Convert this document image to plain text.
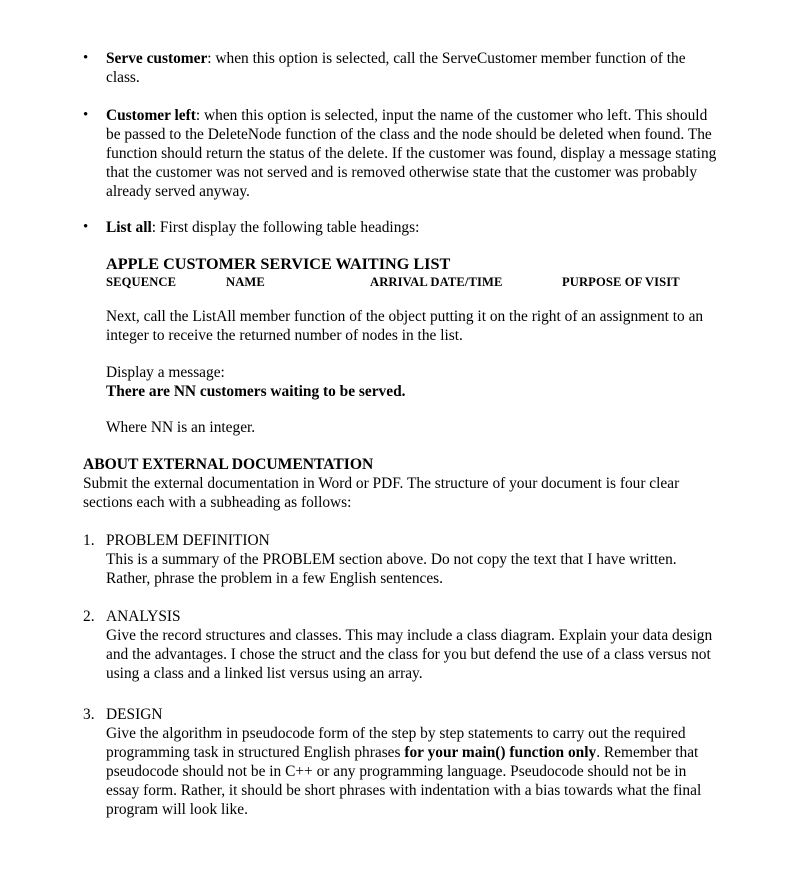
• Serve customer: when this option is selected, call the ServeCustomer member function of the class.
• Customer left: when this option is selected, input the name of the customer who left. This should be passed to the DeleteNode function of the class and the node should be deleted when found. The function should return the status of the delete. If the customer was found, display a message stating that the customer was not served and is removed otherwise state that the customer was probably already served anyway.
• List all: First display the following table headings:
APPLE CUSTOMER SERVICE WAITING LIST
SEQUENCE	NAME	ARRIVAL DATE/TIME	PURPOSE OF VISIT
Next, call the ListAll member function of the object putting it on the right of an assignment to an integer to receive the returned number of nodes in the list.
Display a message:
There are NN customers waiting to be served.
Where NN is an integer.
ABOUT EXTERNAL DOCUMENTATION
Submit the external documentation in Word or PDF. The structure of your document is four clear sections each with a subheading as follows:
1. PROBLEM DEFINITION
This is a summary of the PROBLEM section above. Do not copy the text that I have written. Rather, phrase the problem in a few English sentences.
2. ANALYSIS
Give the record structures and classes. This may include a class diagram. Explain your data design and the advantages. I chose the struct and the class for you but defend the use of a class versus not using a class and a linked list versus using an array.
3. DESIGN
Give the algorithm in pseudocode form of the step by step statements to carry out the required programming task in structured English phrases for your main() function only. Remember that pseudocode should not be in C++ or any programming language. Pseudocode should not be in essay form. Rather, it should be short phrases with indentation with a bias towards what the final program will look like.
